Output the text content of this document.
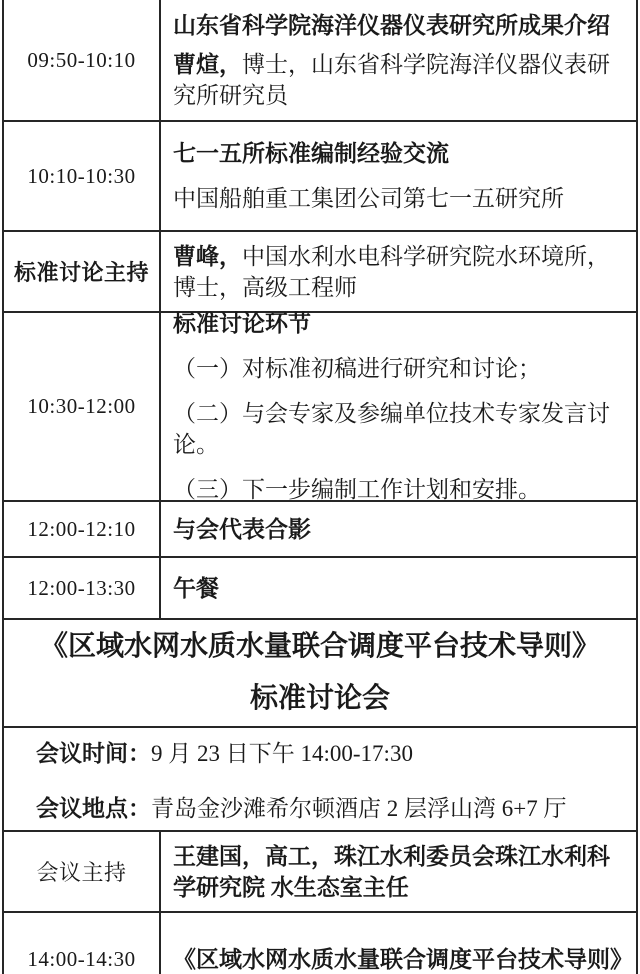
09:50-10:10
山东省科学院海洋仪器仪表研究所成果介绍
曹煊，博士，山东省科学院海洋仪器仪表研究所研究员
10:10-10:30
七一五所标准编制经验交流
中国船舶重工集团公司第七一五研究所
标准讨论主持
曹峰，中国水利水电科学研究院水环境所，博士，高级工程师
10:30-12:00
标准讨论环节
（一）对标准初稿进行研究和讨论；
（二）与会专家及参编单位技术专家发言讨论。
（三）下一步编制工作计划和安排。
12:00-12:10 与会代表合影
12:00-13:30 午餐
《区域水网水质水量联合调度平台技术导则》
标准讨论会
会议时间：9 月 23 日下午 14:00-17:30
会议地点：青岛金沙滩希尔顿酒店 2 层浮山湾 6+7 厅
会议主持
王建国，高工，珠江水利委员会珠江水利科学研究院 水生态室主任
14:00-14:30 《区域水网水质水量联合调度平台技术导则》
